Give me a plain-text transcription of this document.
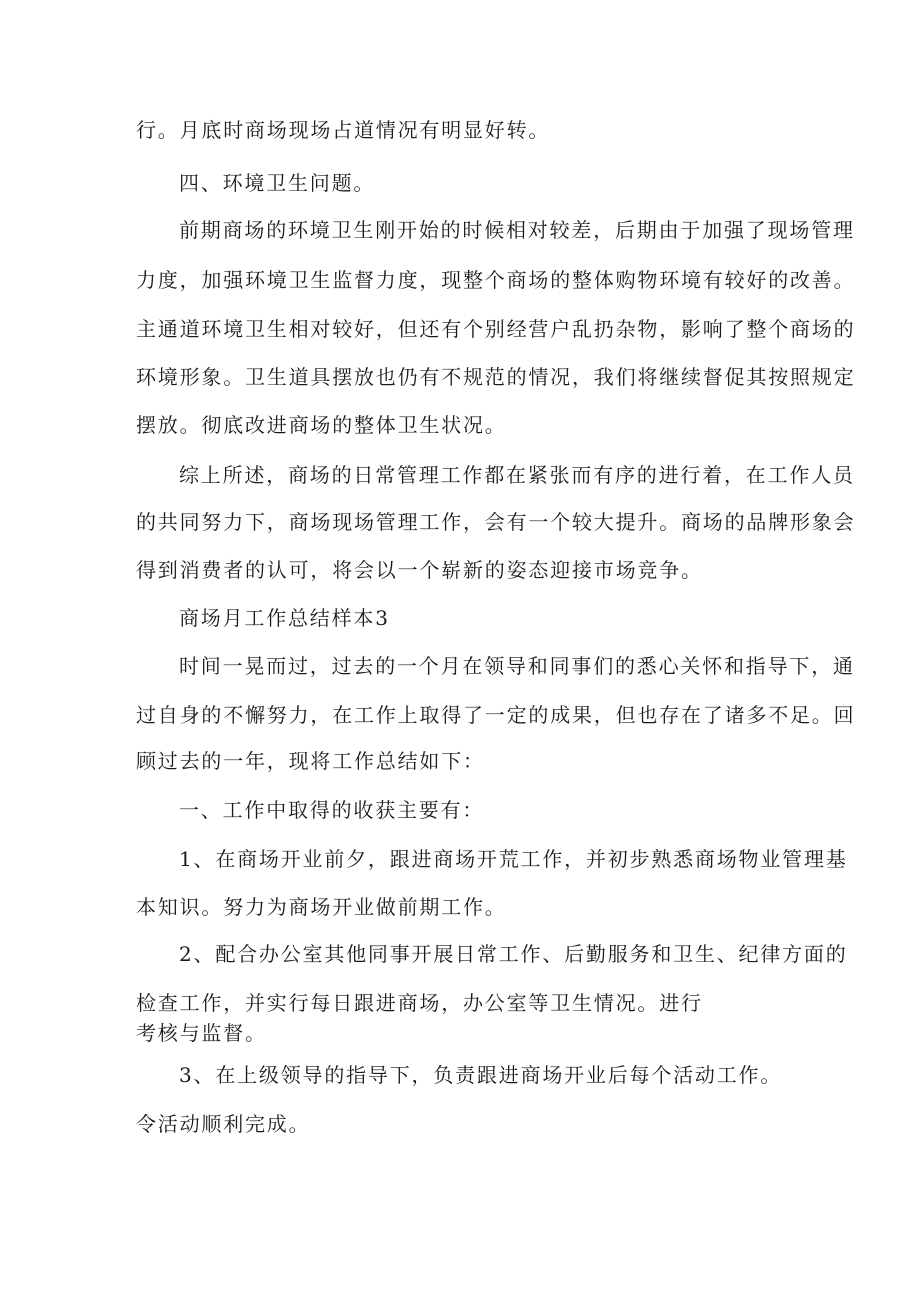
行。月底时商场现场占道情况有明显好转。
四、环境卫生问题。
前期商场的环境卫生刚开始的时候相对较差，后期由于加强了现场管理
力度，加强环境卫生监督力度，现整个商场的整体购物环境有较好的改善。
主通道环境卫生相对较好，但还有个别经营户乱扔杂物，影响了整个商场的
环境形象。卫生道具摆放也仍有不规范的情况，我们将继续督促其按照规定
摆放。彻底改进商场的整体卫生状况。
综上所述，商场的日常管理工作都在紧张而有序的进行着，在工作人员
的共同努力下，商场现场管理工作，会有一个较大提升。商场的品牌形象会
得到消费者的认可，将会以一个崭新的姿态迎接市场竞争。
商场月工作总结样本3
时间一晃而过，过去的一个月在领导和同事们的悉心关怀和指导下，通
过自身的不懈努力，在工作上取得了一定的成果，但也存在了诸多不足。回
顾过去的一年，现将工作总结如下：
一、工作中取得的收获主要有：
1、在商场开业前夕，跟进商场开荒工作，并初步熟悉商场物业管理基
本知识。努力为商场开业做前期工作。
2、配合办公室其他同事开展日常工作、后勤服务和卫生、纪律方面的
检查工作，并实行每日跟进商场，办公室等卫生情况。进行
考核与监督。
3、在上级领导的指导下，负责跟进商场开业后每个活动工作。
令活动顺利完成。
